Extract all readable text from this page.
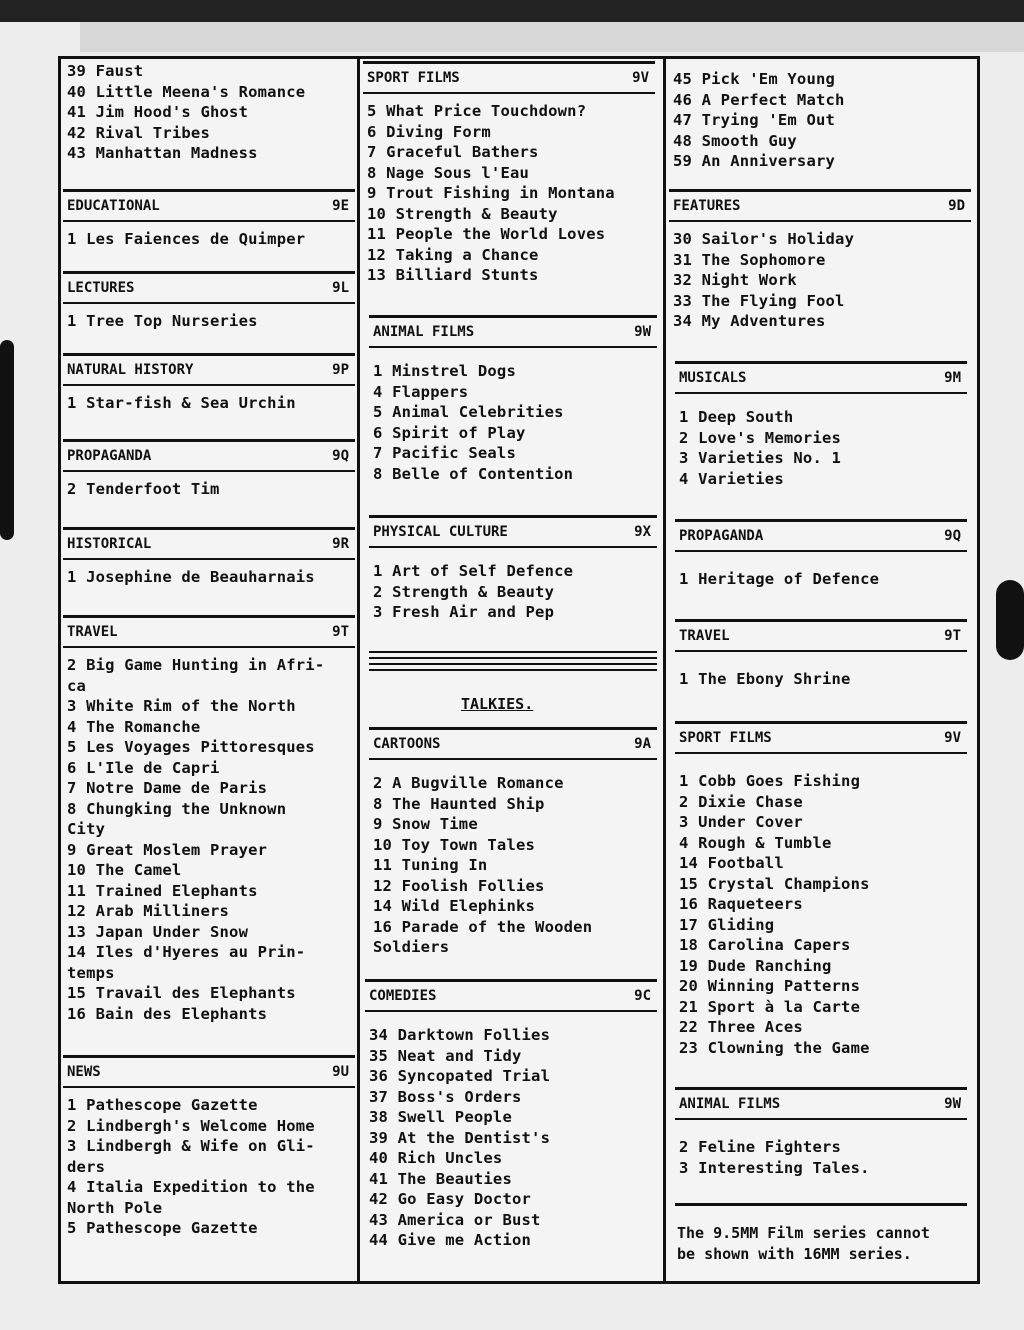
39 Faust
40 Little Meena's Romance
41 Jim Hood's Ghost
42 Rival Tribes
43 Manhattan Madness
EDUCATIONAL	9E
1 Les Faiences de Quimper
LECTURES	9L
1 Tree Top Nurseries
NATURAL HISTORY	9P
1 Star-fish & Sea Urchin
PROPAGANDA	9Q
2 Tenderfoot Tim
HISTORICAL	9R
1 Josephine de Beauharnais
TRAVEL	9T
2 Big Game Hunting in Afri-
ca
3 White Rim of the North
4 The Romanche
5 Les Voyages Pittoresques
6 L'Ile de Capri
7 Notre Dame de Paris
8 Chungking the Unknown
City
9 Great Moslem Prayer
10 The Camel
11 Trained Elephants
12 Arab Milliners
13 Japan Under Snow
14 Iles d'Hyeres au Prin-
temps
15 Travail des Elephants
16 Bain des Elephants
NEWS	9U
1 Pathescope Gazette
2 Lindbergh's Welcome Home
3 Lindbergh & Wife on Gli-
ders
4 Italia Expedition to the
North Pole
5 Pathescope Gazette
SPORT FILMS	9V
5 What Price Touchdown?
6 Diving Form
7 Graceful Bathers
8 Nage Sous l'Eau
9 Trout Fishing in Montana
10 Strength & Beauty
11 People the World Loves
12 Taking a Chance
13 Billiard Stunts
ANIMAL FILMS	9W
1 Minstrel Dogs
4 Flappers
5 Animal Celebrities
6 Spirit of Play
7 Pacific Seals
8 Belle of Contention
PHYSICAL CULTURE	9X
1 Art of Self Defence
2 Strength & Beauty
3 Fresh Air and Pep
TALKIES.
CARTOONS	9A
2 A Bugville Romance
8 The Haunted Ship
9 Snow Time
10 Toy Town Tales
11 Tuning In
12 Foolish Follies
14 Wild Elephinks
16 Parade of the Wooden
Soldiers
COMEDIES	9C
34 Darktown Follies
35 Neat and Tidy
36 Syncopated Trial
37 Boss's Orders
38 Swell People
39 At the Dentist's
40 Rich Uncles
41 The Beauties
42 Go Easy Doctor
43 America or Bust
44 Give me Action
45 Pick 'Em Young
46 A Perfect Match
47 Trying 'Em Out
48 Smooth Guy
59 An Anniversary
FEATURES	9D
30 Sailor's Holiday
31 The Sophomore
32 Night Work
33 The Flying Fool
34 My Adventures
MUSICALS	9M
1 Deep South
2 Love's Memories
3 Varieties No. 1
4 Varieties
PROPAGANDA	9Q
1 Heritage of Defence
TRAVEL	9T
1 The Ebony Shrine
SPORT FILMS	9V
1 Cobb Goes Fishing
2 Dixie Chase
3 Under Cover
4 Rough & Tumble
14 Football
15 Crystal Champions
16 Raqueteers
17 Gliding
18 Carolina Capers
19 Dude Ranching
20 Winning Patterns
21 Sport à la Carte
22 Three Aces
23 Clowning the Game
ANIMAL FILMS	9W
2 Feline Fighters
3 Interesting Tales.
The 9.5MM Film series cannot
be shown with 16MM series.
